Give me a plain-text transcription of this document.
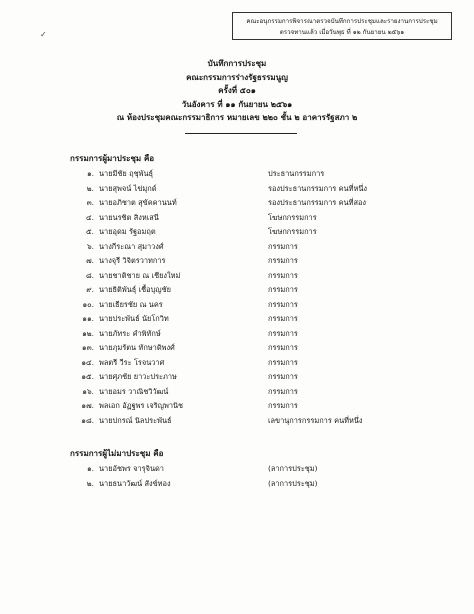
คณะอนุกรรมการพิจารณาตรวจบันทึกการประชุมและรายงานการประชุม
ตรวจทานแล้ว เมื่อวันพุธ ที่ ๑๒ กันยายน ๒๕๖๑
✓
บันทึกการประชุม
คณะกรรมการร่างรัฐธรรมนูญ
ครั้งที่ ๕๐๑
วันอังคาร ที่ ๑๑ กันยายน ๒๕๖๑
ณ ห้องประชุมคณะกรรมาธิการ หมายเลข ๒๒๐ ชั้น ๒ อาคารรัฐสภา ๒
กรรมการผู้มาประชุม คือ
๑. นายมีชัย ฤชุพันธุ์	ประธานกรรมการ
๒. นายสุพจน์ ไข่มุกด์	รองประธานกรรมการ คนที่หนึ่ง
๓. นายอภิชาต สุขัคคานนท์	รองประธานกรรมการ คนที่สอง
๔. นายนรชิต สิงหเสนี	โฆษกกรรมการ
๕. นายอุดม รัฐอมฤต	โฆษกกรรมการ
๖. นางกีระณา สุมาวงศ์	กรรมการ
๗. นางจุรี วิจิตรวาทการ	กรรมการ
๘. นายชาติชาย ณ เชียงใหม่	กรรมการ
๙. นายธิติพันธุ์ เชื้อบุญชัย	กรรมการ
๑๐. นายเธียรชัย ณ นคร	กรรมการ
๑๑. นายประพันธ์ นัยโกวิท	กรรมการ
๑๒. นายภัทระ คำพิทักษ์	กรรมการ
๑๓. นายภุมรัตน ทักษาดิพงศ์	กรรมการ
๑๔. พลตรี วีระ โรจนวาศ	กรรมการ
๑๕. นายศุภชัย ยาวะประภาษ	กรรมการ
๑๖. นายอมร วาณิชวิวัฒน์	กรรมการ
๑๗. พลเอก อัฏฐพร เจริญพานิช	กรรมการ
๑๘. นายปกรณ์ นิลประพันธ์	เลขานุการกรรมการ คนที่หนึ่ง
กรรมการผู้ไม่มาประชุม คือ
๑. นายอัชพร จารุจินดา	(ลาการประชุม)
๒. นายธนาวัฒน์ สังข์ทอง	(ลาการประชุม)
